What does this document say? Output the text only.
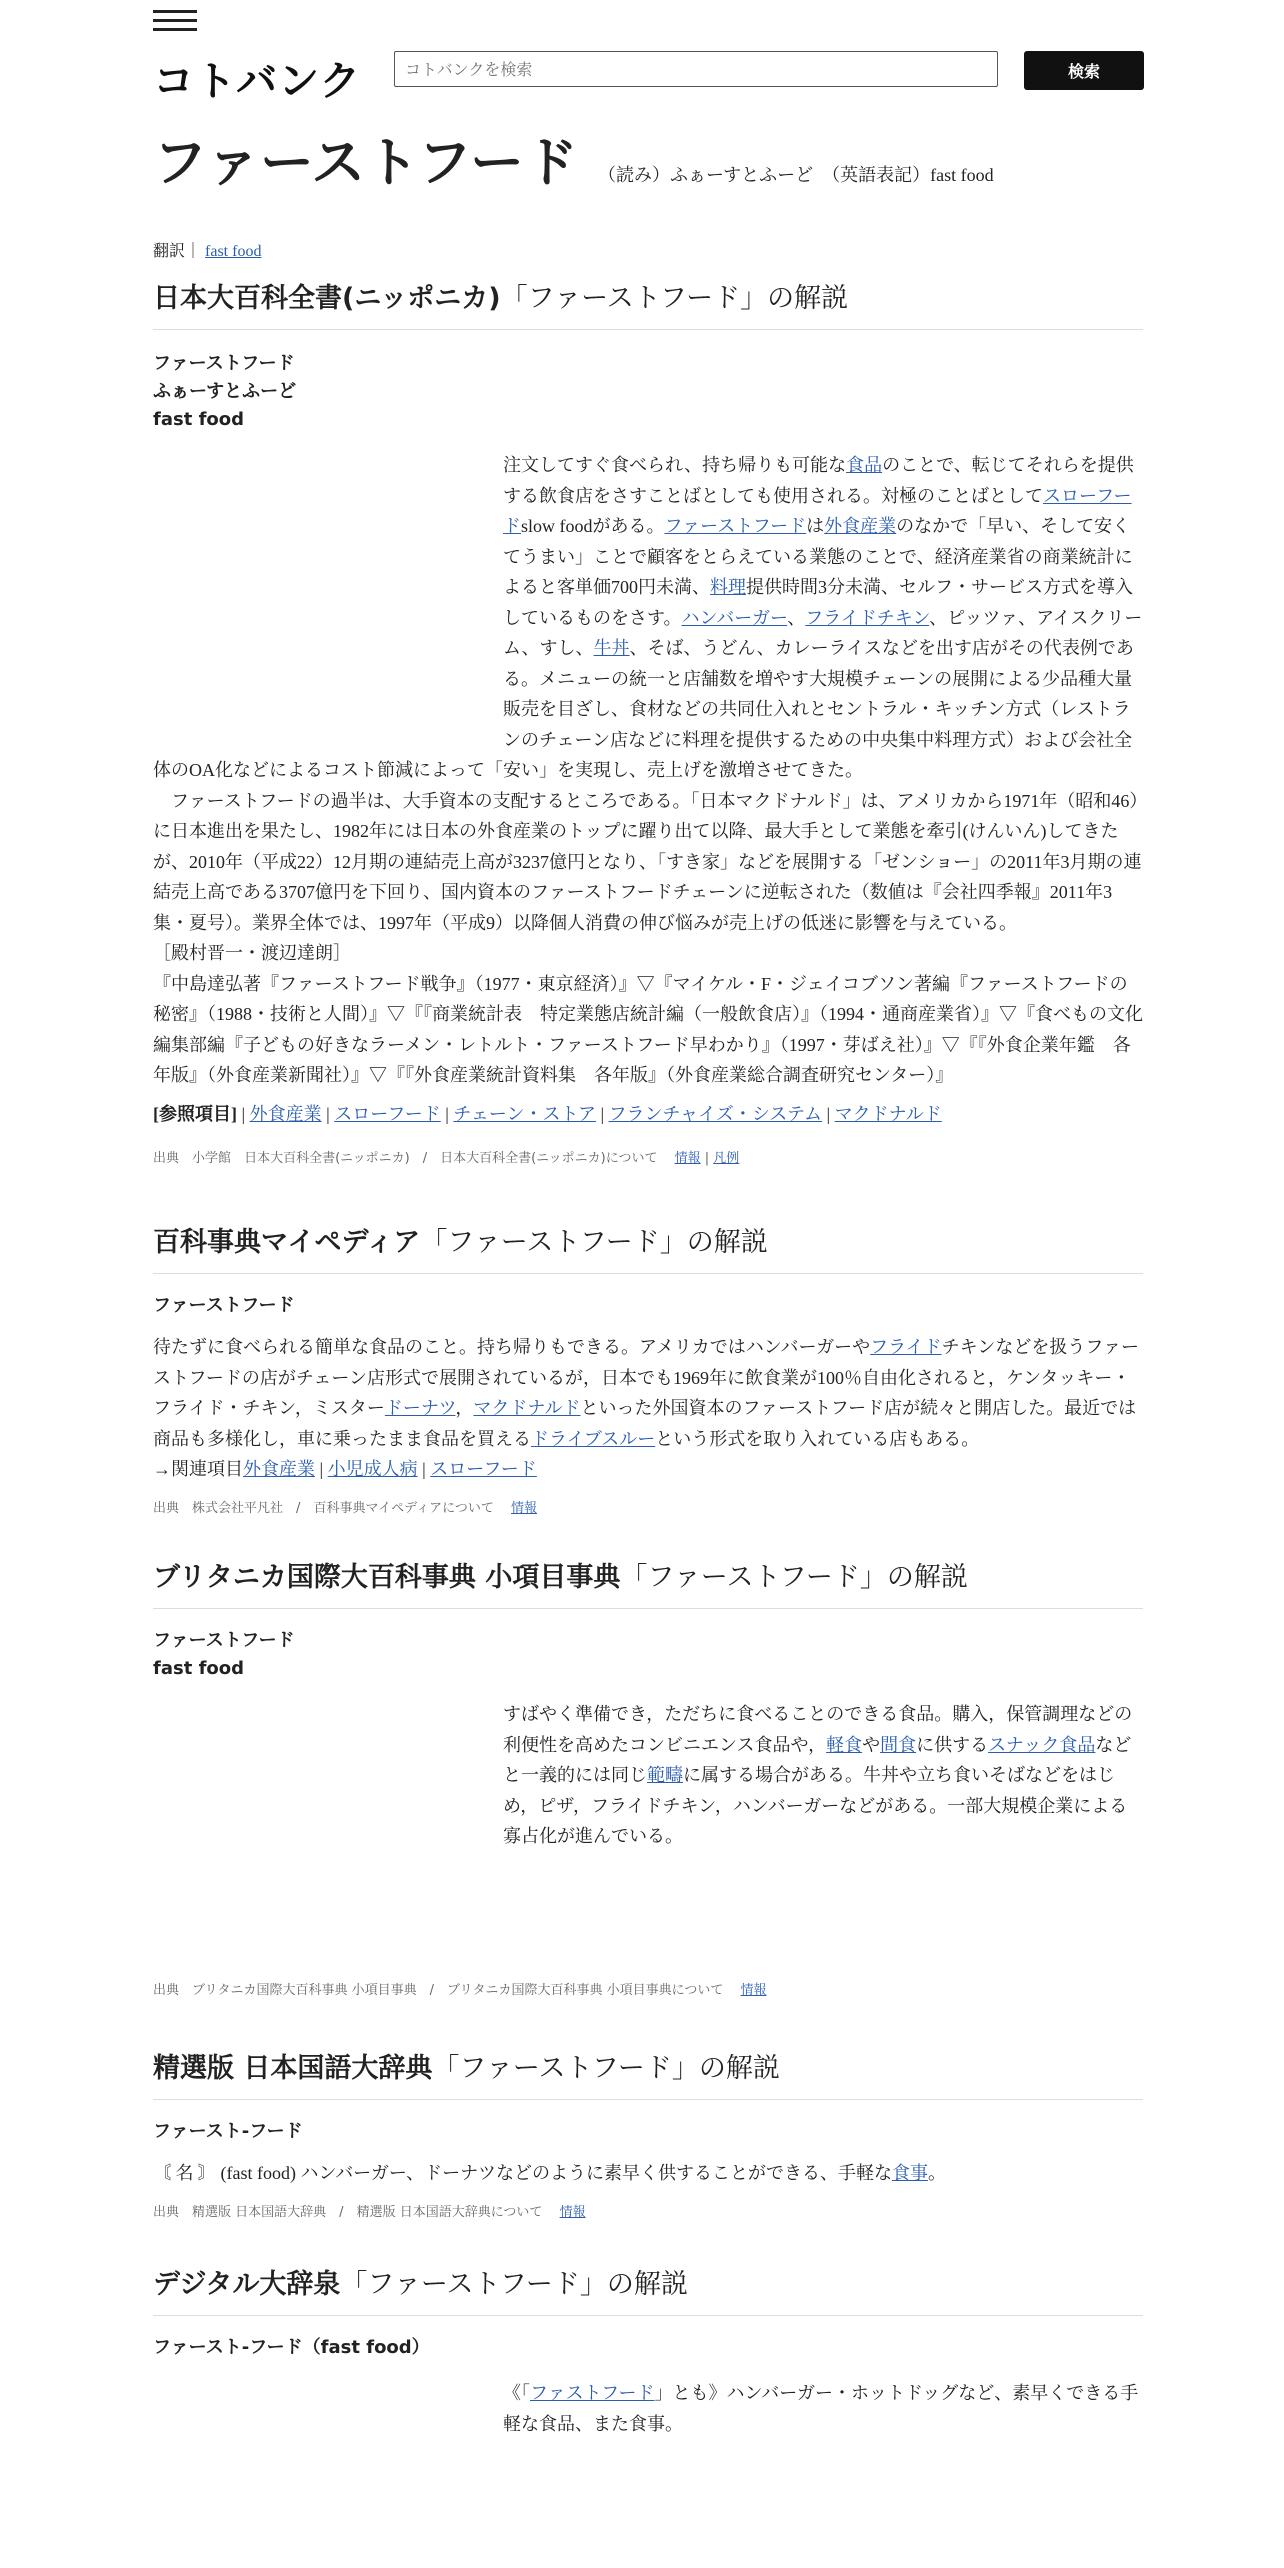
コトバンク
コトバンクを検索	検索
ファーストフード （読み）ふぁーすとふーど　（英語表記）fast food
翻訳｜ fast food
日本大百科全書(ニッポニカ)「ファーストフード」の解説
ファーストフード
ふぁーすとふーど
fast food
注文してすぐ食べられ、持ち帰りも可能な食品のことで、転じてそれらを提供する飲食店をさすことばとしても使用される。対極のことばとしてスローフードslow foodがある。ファーストフードは外食産業のなかで「早い、そして安くてうまい」ことで顧客をとらえている業態のことで、経済産業省の商業統計によると客単価700円未満、料理提供時間3分未満、セルフ・サービス方式を導入しているものをさす。ハンバーガー、フライドチキン、ピッツァ、アイスクリーム、すし、牛丼、そば、うどん、カレーライスなどを出す店がその代表例である。メニューの統一と店舗数を増やす大規模チェーンの展開による少品種大量販売を目ざし、食材などの共同仕入れとセントラル・キッチン方式（レストランのチェーン店などに料理を提供するための中央集中料理方式）および会社全体のOA化などによるコスト節減によって「安い」を実現し、売上げを激増させてきた。
　ファーストフードの過半は、大手資本の支配するところである。「日本マクドナルド」は、アメリカから1971年（昭和46）に日本進出を果たし、1982年には日本の外食産業のトップに躍り出て以降、最大手として業態を牽引(けんいん)してきたが、2010年（平成22）12月期の連結売上高が3237億円となり、「すき家」などを展開する「ゼンショー」の2011年3月期の連結売上高である3707億円を下回り、国内資本のファーストフードチェーンに逆転された（数値は『会社四季報』2011年3集・夏号）。業界全体では、1997年（平成9）以降個人消費の伸び悩みが売上げの低迷に影響を与えている。
［殿村晋一・渡辺達朗］
『中島達弘著『ファーストフード戦争』（1977・東京経済）』▽『マイケル・F・ジェイコブソン著編『ファーストフードの秘密』（1988・技術と人間）』▽『『商業統計表　特定業態店統計編（一般飲食店）』（1994・通商産業省）』▽『食べもの文化編集部編『子どもの好きなラーメン・レトルト・ファーストフード早わかり』（1997・芽ばえ社）』▽『『外食企業年鑑　各年版』（外食産業新聞社）』▽『『外食産業統計資料集　各年版』（外食産業総合調査研究センター）』
[参照項目] | 外食産業 | スローフード | チェーン・ストア | フランチャイズ・システム | マクドナルド
出典　 小学館　 日本大百科全書(ニッポニカ)　/　日本大百科全書(ニッポニカ)について　 情報 | 凡例
百科事典マイペディア「ファーストフード」の解説
ファーストフード
待たずに食べられる簡単な食品のこと。持ち帰りもできる。アメリカではハンバーガーやフライドチキンなどを扱うファーストフードの店がチェーン店形式で展開されているが，日本でも1969年に飲食業が100％自由化されると，ケンタッキー・フライド・チキン，ミスタードーナツ，マクドナルドといった外国資本のファーストフード店が続々と開店した。最近では商品も多様化し，車に乗ったまま食品を買えるドライブスルーという形式を取り入れている店もある。
→関連項目外食産業 | 小児成人病 | スローフード
出典　 株式会社平凡社　/　百科事典マイペディアについて　 情報
ブリタニカ国際大百科事典 小項目事典「ファーストフード」の解説
ファーストフード
fast food
すばやく準備でき，ただちに食べることのできる食品。購入，保管調理などの利便性を高めたコンビニエンス食品や，軽食や間食に供するスナック食品などと一義的には同じ範疇に属する場合がある。牛丼や立ち食いそばなどをはじめ，ピザ，フライドチキン，ハンバーガーなどがある。一部大規模企業による寡占化が進んでいる。
出典　 ブリタニカ国際大百科事典 小項目事典　/　ブリタニカ国際大百科事典 小項目事典について　 情報
精選版 日本国語大辞典「ファーストフード」の解説
ファースト‐フード
〘 名 〙 (fast food) ハンバーガー、ドーナツなどのように素早く供することができる、手軽な食事。
出典　 精選版 日本国語大辞典　/　精選版 日本国語大辞典について　 情報
デジタル大辞泉「ファーストフード」の解説
ファースト‐フード（fast food）
《「ファストフード」とも》ハンバーガー・ホットドッグなど、素早くできる手軽な食品、また食事。
